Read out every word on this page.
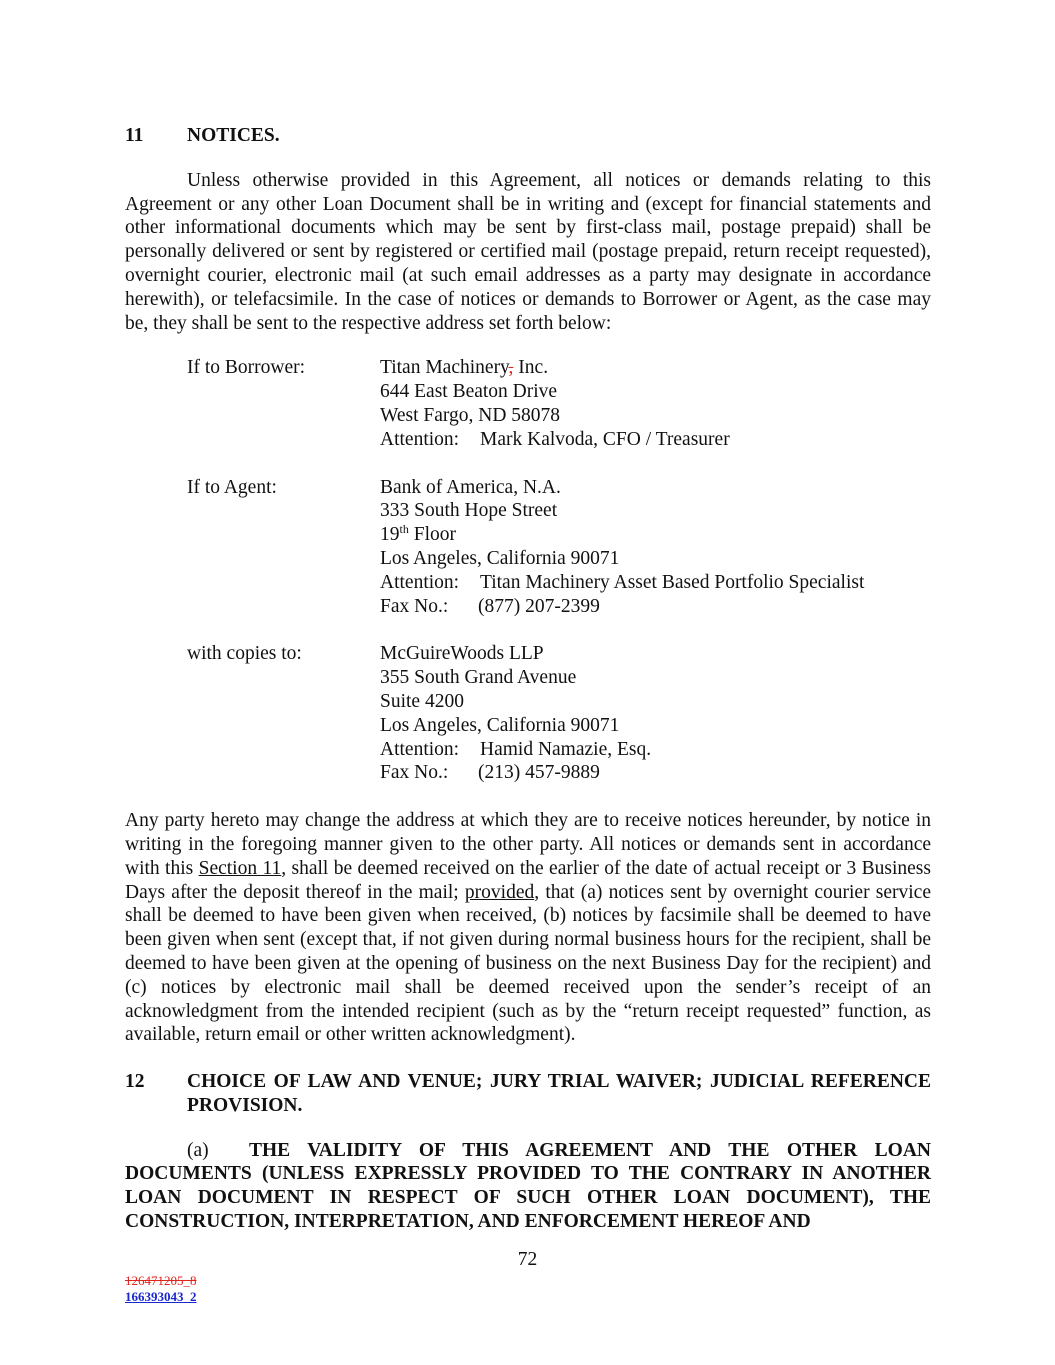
11	NOTICES.

Unless otherwise provided in this Agreement, all notices or demands relating to this Agreement or any other Loan Document shall be in writing and (except for financial statements and other informational documents which may be sent by first-class mail, postage prepaid) shall be personally delivered or sent by registered or certified mail (postage prepaid, return receipt requested), overnight courier, electronic mail (at such email addresses as a party may designate in accordance herewith), or telefacsimile. In the case of notices or demands to Borrower or Agent, as the case may be, they shall be sent to the respective address set forth below:

If to Borrower:	Titan Machinery, Inc.
644 East Beaton Drive
West Fargo, ND 58078
Attention: Mark Kalvoda, CFO / Treasurer
If to Agent:	Bank of America, N.A.
333 South Hope Street
19th Floor
Los Angeles, California 90071
Attention: Titan Machinery Asset Based Portfolio Specialist
Fax No.: (877) 207-2399
with copies to:	McGuireWoods LLP
355 South Grand Avenue
Suite 4200
Los Angeles, California 90071
Attention: Hamid Namazie, Esq.
Fax No.: (213) 457-9889

Any party hereto may change the address at which they are to receive notices hereunder, by notice in writing in the foregoing manner given to the other party. All notices or demands sent in accordance with this Section 11, shall be deemed received on the earlier of the date of actual receipt or 3 Business Days after the deposit thereof in the mail; provided, that (a) notices sent by overnight courier service shall be deemed to have been given when received, (b) notices by facsimile shall be deemed to have been given when sent (except that, if not given during normal business hours for the recipient, shall be deemed to have been given at the opening of business on the next Business Day for the recipient) and (c) notices by electronic mail shall be deemed received upon the sender’s receipt of an acknowledgment from the intended recipient (such as by the “return receipt requested” function, as available, return email or other written acknowledgment).

12	CHOICE OF LAW AND VENUE; JURY TRIAL WAIVER; JUDICIAL REFERENCE PROVISION.

(a) THE VALIDITY OF THIS AGREEMENT AND THE OTHER LOAN DOCUMENTS (UNLESS EXPRESSLY PROVIDED TO THE CONTRARY IN ANOTHER LOAN DOCUMENT IN RESPECT OF SUCH OTHER LOAN DOCUMENT), THE CONSTRUCTION, INTERPRETATION, AND ENFORCEMENT HEREOF AND

72
126471205_8
166393043_2
